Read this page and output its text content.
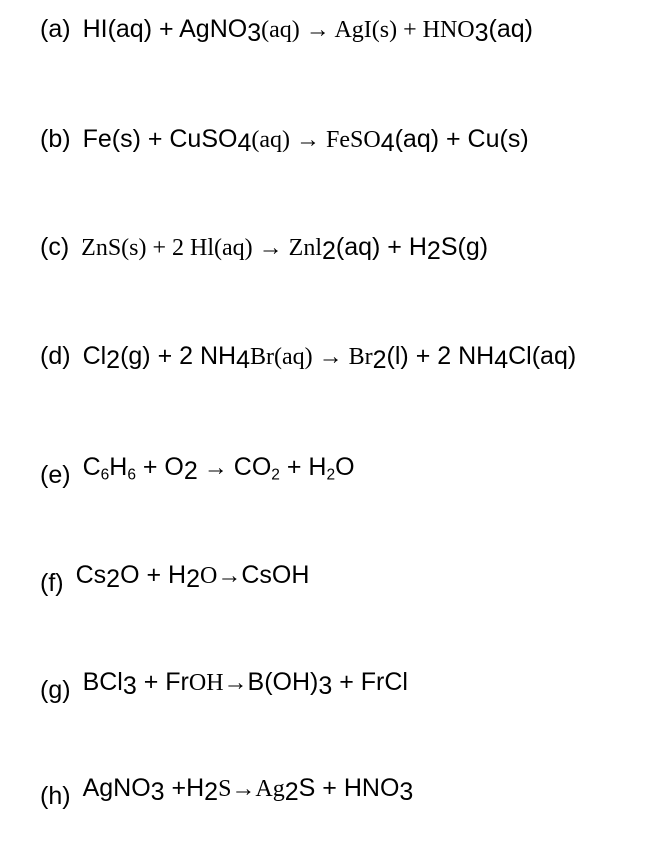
(a) HI(aq) + AgNO3(aq) → AgI(s) + HNO3(aq)
(b) Fe(s) + CuSO4(aq) → FeSO4(aq) + Cu(s)
(c) ZnS(s) + 2 Hl(aq) → Znl2(aq) + H2S(g)
(d) Cl2(g) + 2 NH4Br(aq) → Br2(l) + 2 NH4Cl(aq)
(e) $C_6H_6 + O2 \to CO_2 + H_2O$
(f) Cs2O + H2O→CsOH
(g) BCl3 + FrOH→B(OH)3 + FrCl
(h) AgNO3 +H2S→Ag2S + HNO3
